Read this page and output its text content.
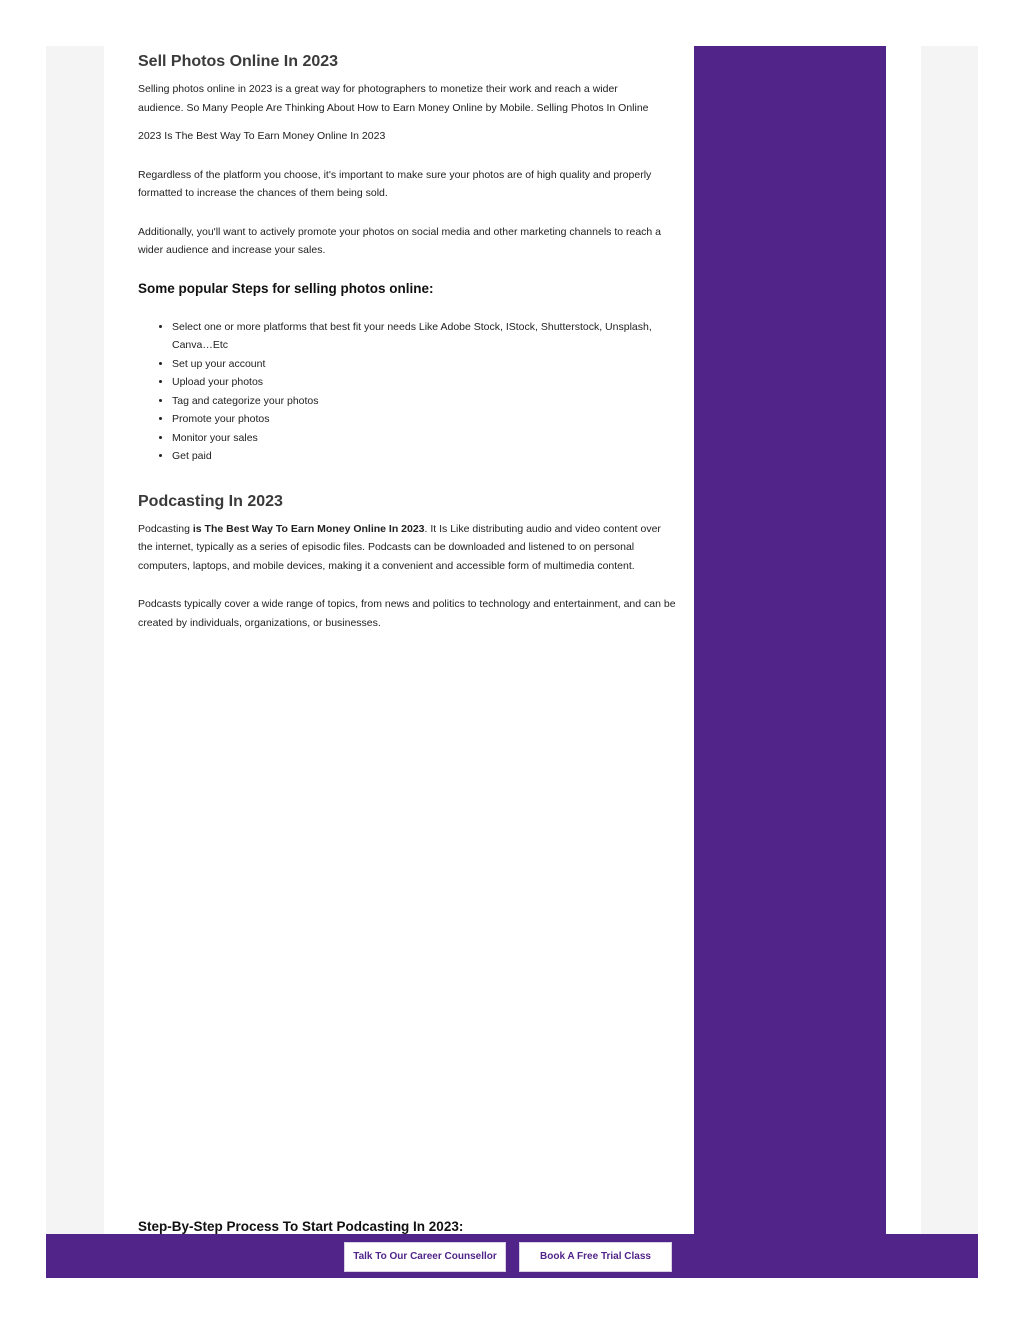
Sell Photos Online In 2023

Selling photos online in 2023 is a great way for photographers to monetize their work and reach a wider

audience. So Many People Are Thinking About How to Earn Money Online by Mobile. Selling Photos In Online

2023 Is The Best Way To Earn Money Online In 2023

Regardless of the platform you choose, it's important to make sure your photos are of high quality and properly formatted to increase the chances of them being sold.

Additionally, you'll want to actively promote your photos on social media and other marketing channels to reach a wider audience and increase your sales.

Some popular Steps for selling photos online:
• Select one or more platforms that best fit your needs Like Adobe Stock, IStock, Shutterstock, Unsplash, Canva…Etc
• Set up your account
• Upload your photos
• Tag and categorize your photos
• Promote your photos
• Monitor your sales
• Get paid
Podcasting In 2023

Podcasting is The Best Way To Earn Money Online In 2023. It Is Like distributing audio and video content over the internet, typically as a series of episodic files. Podcasts can be downloaded and listened to on personal computers, laptops, and mobile devices, making it a convenient and accessible form of multimedia content.

Podcasts typically cover a wide range of topics, from news and politics to technology and entertainment, and can be created by individuals, organizations, or businesses.

Step-By-Step Process To Start Podcasting In 2023:
Talk To Our Career Counsellor	Book A Free Trial Class
